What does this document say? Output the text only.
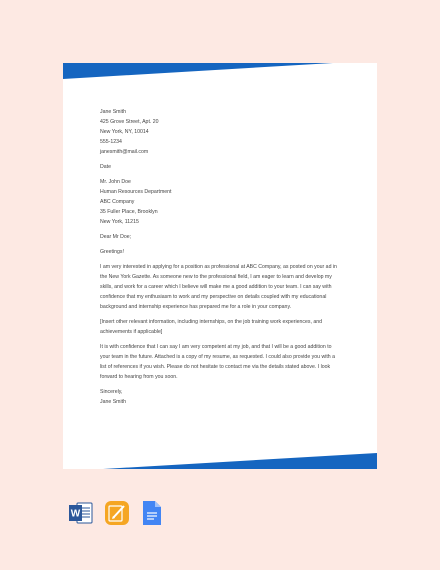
Jane Smith
425 Grove Street, Apt. 20
New York, NY, 10014
555-1234
janesmith@mail.com

Date

Mr. John Doe
Human Resources Department
ABC Company
35 Fuller Place, Brooklyn
New York, 11215

Dear Mr Doe;

Greetings!

I am very interested in applying for a position as professional at ABC Company, as posted on your ad in
the New York Gazette. As someone new to the professional field, I am eager to learn and develop my
skills, and work for a career which I believe will make me a good addition to your team. I can say with
confidence that my enthusiasm to work and my perspective on details coupled with my educational
background and internship experience has prepared me for a role in your company.

[Insert other relevant information, including internships, on the job training work experiences, and
achievements if applicable]

It is with confidence that I can say I am very competent at my job, and that I will be a good addition to
your team in the future. Attached is a copy of my resume, as requested. I could also provide you with a
list of references if you wish. Please do not hesitate to contact me via the details stated above. I look
forward to hearing from you soon.

Sincerely,
Jane Smith

W
